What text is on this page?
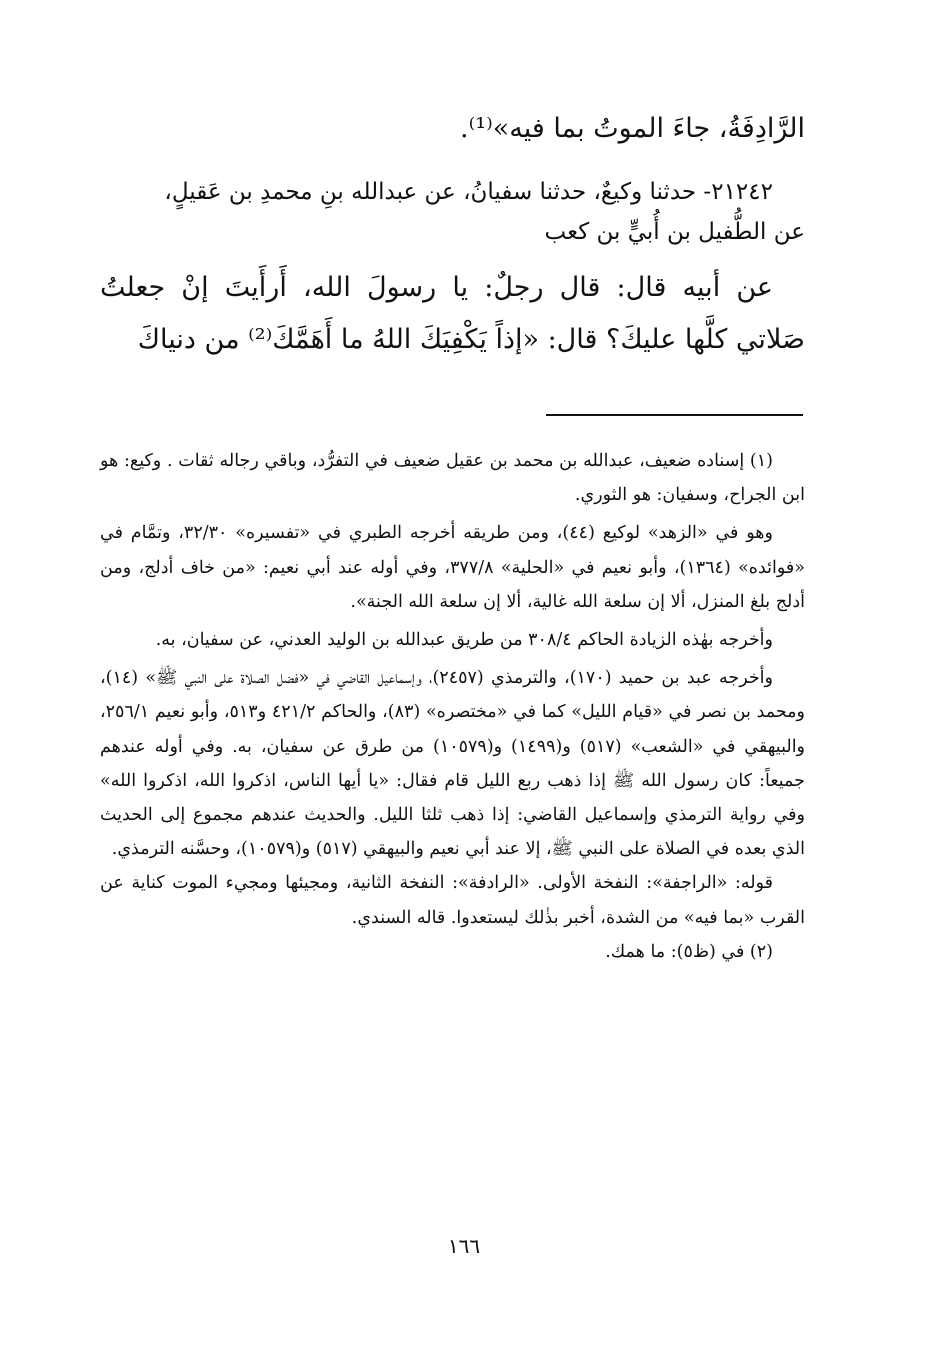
الرَّادِفَةُ، جاءَ الموتُ بما فيه»⁽¹⁾.

٢١٢٤٢- حدثنا وكيعٌ، حدثنا سفيانُ، عن عبدالله بنِ محمدِ بن عَقيلٍ،

عن الطُّفيل بن أُبيٍّ بن كعب

عن أبيه قال: قال رجلٌ: يا رسولَ الله، أَرأَيتَ إنْ جعلتُ صَلاتي كلَّها عليكَ؟ قال: «إذاً يَكْفِيَكَ اللهُ ما أَهَمَّكَ⁽²⁾ من دنياكَ

(١) إسناده ضعيف، عبدالله بن محمد بن عقيل ضعيف في التفرُّد، وباقي رجاله ثقات . وكيع: هو ابن الجراح، وسفيان: هو الثوري.

وهو في «الزهد» لوكيع (٤٤)، ومن طريقه أخرجه الطبري في «تفسيره» ٣٢/٣٠، وتمَّام في «فوائده» (١٣٦٤)، وأبو نعيم في «الحلية» ٣٧٧/٨، وفي أوله عند أبي نعيم: «من خاف أدلج، ومن أدلج بلغ المنزل، ألا إن سلعة الله غالية، ألا إن سلعة الله الجنة».

وأخرجه بهٰذه الزيادة الحاكم ٣٠٨/٤ من طريق عبدالله بن الوليد العدني، عن سفيان، به.

وأخرجه عبد بن حميد (١٧٠)، والترمذي (٢٤٥٧)، وإسماعيل القاضي في «فضل الصلاة على النبي ﷺ» (١٤)، ومحمد بن نصر في «قيام الليل» كما في «مختصره» (٨٣)، والحاكم ٤٢١/٢ و٥١٣، وأبو نعيم ٢٥٦/١، والبيهقي في «الشعب» (٥١٧) و(١٤٩٩) و(١٠٥٧٩) من طرق عن سفيان، به. وفي أوله عندهم جميعاً: كان رسول الله ﷺ إذا ذهب ربع الليل قام فقال: «يا أيها الناس، اذكروا الله، اذكروا الله» وفي رواية الترمذي وإسماعيل القاضي: إذا ذهب ثلثا الليل. والحديث عندهم مجموع إلى الحديث الذي بعده في الصلاة على النبي ﷺ، إلا عند أبي نعيم والبيهقي (٥١٧) و(١٠٥٧٩)، وحسَّنه الترمذي.

قوله: «الراجفة»: النفخة الأولى. «الرادفة»: النفخة الثانية، ومجيئها ومجيء الموت كناية عن القرب «بما فيه» من الشدة، أخبر بذٰلك ليستعدوا. قاله السندي.

(٢) في (ظ٥): ما همك.

١٦٦
